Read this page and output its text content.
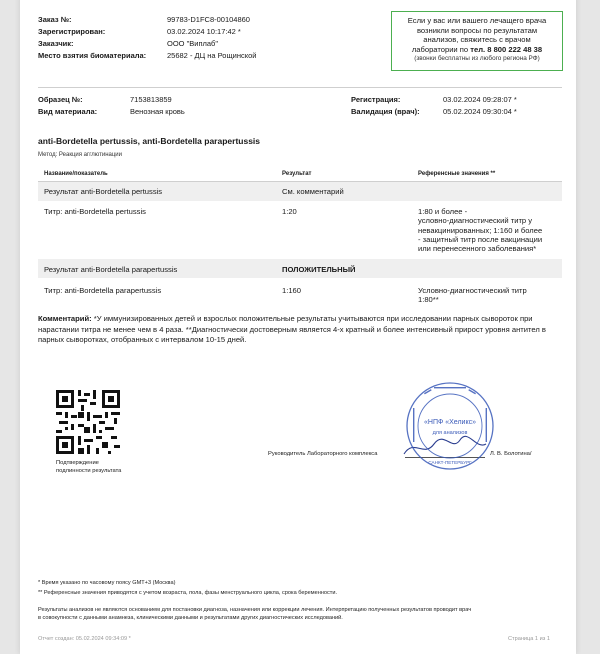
Заказ №:	99783-D1FC8-00104860
Зарегистрирован:	03.02.2024 10:17:42 *
Заказчик:	ООО "Виплаб"
Место взятия биоматериала:	25682 - ДЦ на Рощинской
Если у вас или вашего лечащего врача
возникли вопросы по результатам
анализов, свяжитесь с врачом
лаборатории по тел. 8 800 222 48 38
(звонки бесплатны из любого региона РФ)
Образец №:	7153813859
Вид материала:	Венозная кровь
Регистрация:	03.02.2024 09:28:07 *
Валидация (врач):	05.02.2024 09:30:04 *
anti-Bordetella pertussis, anti-Bordetella parapertussis
Метод: Реакция агглютинации
Название/показатель	Результат	Референсные значения **
Результат anti-Bordetella pertussis	См. комментарий
Титр: anti-Bordetella pertussis	1:20	1:80 и более -
условно-диагностический титр у
невакцинированных; 1:160 и более
- защитный титр после вакцинации
или перенесенного заболевания*
Результат anti-Bordetella parapertussis	ПОЛОЖИТЕЛЬНЫЙ
Титр: anti-Bordetella parapertussis	1:160	Условно-диагностический титр
1:80**
Комментарий: *У иммунизированных детей и взрослых положительные результаты учитываются при исследовании парных сывороток при нарастании титра не менее чем в 4 раза. **Диагностически достоверным является 4-х кратный и более интенсивный прирост уровня антител в парных сыворотках, отобранных с интервалом 10-15 дней.
Подтверждение
подлинности результата
Руководитель Лабораторного комплекса	Л. В. Болотина/
«НПФ «Хеликс»
для анализов
САНКТ-ПЕТЕРБУРГ
* Время указано по часовому поясу GMT+3 (Москва)
** Референсные значения приводятся с учетом возраста, пола, фазы менструального цикла, срока беременности.
Результаты анализов не являются основанием для постановки диагноза, назначения или коррекции лечения. Интерпретацию полученных результатов проводит врач
в совокупности с данными анамнеза, клиническими данными и результатами других диагностических исследований.
Отчет создан: 05.02.2024 09:34:09 *	Страница 1 из 1
